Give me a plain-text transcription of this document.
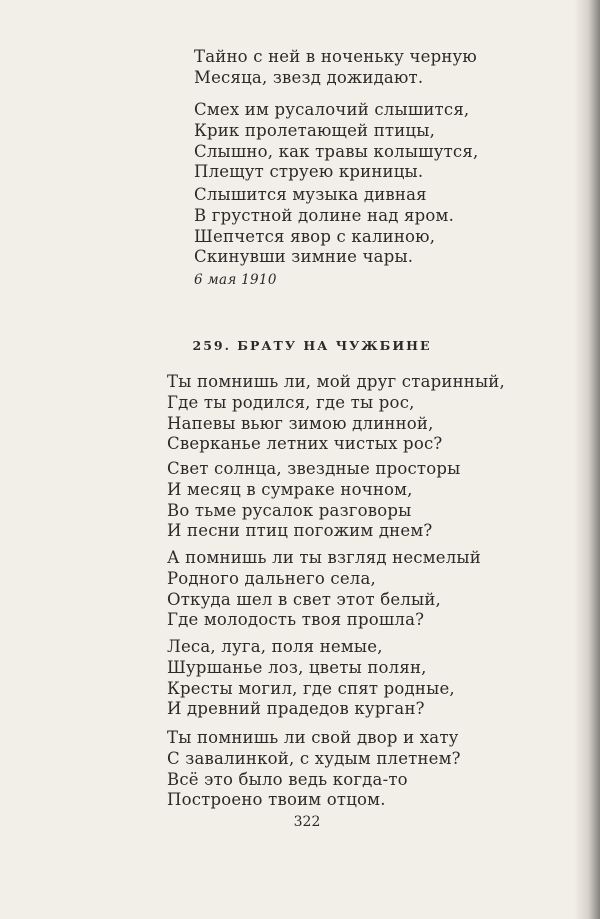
Тайно с ней в ноченьку черную
Месяца, звезд дожидают.
Смех им русалочий слышится,
Крик пролетающей птицы,
Слышно, как травы колышутся,
Плещут струею криницы.
Слышится музыка дивная
В грустной долине над яром.
Шепчется явор с калиною,
Скинувши зимние чары.
6 мая 1910
259. БРАТУ НА ЧУЖБИНЕ
Ты помнишь ли, мой друг старинный,
Где ты родился, где ты рос,
Напевы вьюг зимою длинной,
Сверканье летних чистых рос?
Свет солнца, звездные просторы
И месяц в сумраке ночном,
Во тьме русалок разговоры
И песни птиц погожим днем?
А помнишь ли ты взгляд несмелый
Родного дальнего села,
Откуда шел в свет этот белый,
Где молодость твоя прошла?
Леса, луга, поля немые,
Шуршанье лоз, цветы полян,
Кресты могил, где спят родные,
И древний прадедов курган?
Ты помнишь ли свой двор и хату
С завалинкой, с худым плетнем?
Всё это было ведь когда-то
Построено твоим отцом.
322
